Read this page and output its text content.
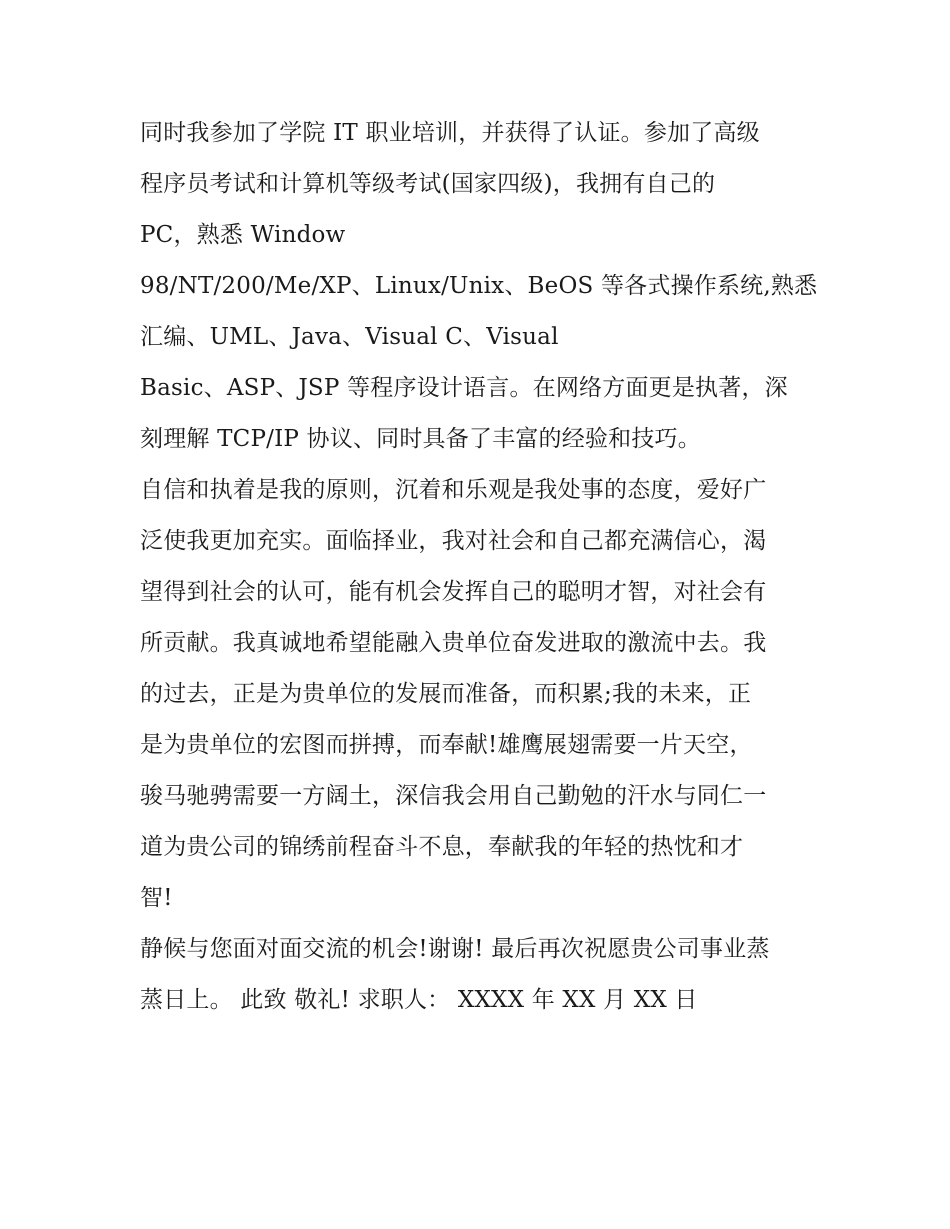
同时我参加了学院 IT 职业培训，并获得了认证。参加了高级
程序员考试和计算机等级考试(国家四级)，我拥有自己的
PC，熟悉 Window
98/NT/200/Me/XP、Linux/Unix、BeOS 等各式操作系统,熟悉
汇编、UML、Java、Visual C、Visual
Basic、ASP、JSP 等程序设计语言。在网络方面更是执著，深
刻理解 TCP/IP 协议、同时具备了丰富的经验和技巧。
自信和执着是我的原则，沉着和乐观是我处事的态度，爱好广
泛使我更加充实。面临择业，我对社会和自己都充满信心，渴
望得到社会的认可，能有机会发挥自己的聪明才智，对社会有
所贡献。我真诚地希望能融入贵单位奋发进取的激流中去。我
的过去，正是为贵单位的发展而准备，而积累;我的未来，正
是为贵单位的宏图而拼搏，而奉献!雄鹰展翅需要一片天空，
骏马驰骋需要一方阔土，深信我会用自己勤勉的汗水与同仁一
道为贵公司的锦绣前程奋斗不息，奉献我的年轻的热忱和才
智!
静候与您面对面交流的机会!谢谢! 最后再次祝愿贵公司事业蒸
蒸日上。 此致 敬礼! 求职人： XXXX 年 XX 月 XX 日
